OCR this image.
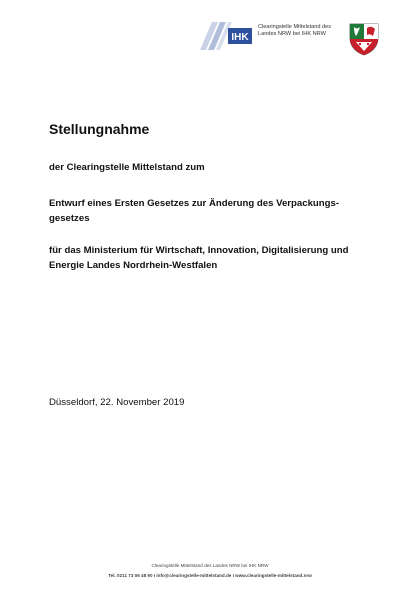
IHK
Clearingstelle Mittelstand des Landes NRW bei IHK NRW
Stellungnahme
der Clearingstelle Mittelstand zum
Entwurf eines Ersten Gesetzes zur Änderung des Verpackungs-gesetzes
für das Ministerium für Wirtschaft, Innovation, Digitalisierung und Energie Landes Nordrhein-Westfalen
Düsseldorf, 22. November 2019
Clearingstelle Mittelstand des Landes NRW bei IHK NRW
Tel. 0211 73 06 48 90 I info@clearingstelle-mittelstand.de I www.clearingstelle-mittelstand.nrw
